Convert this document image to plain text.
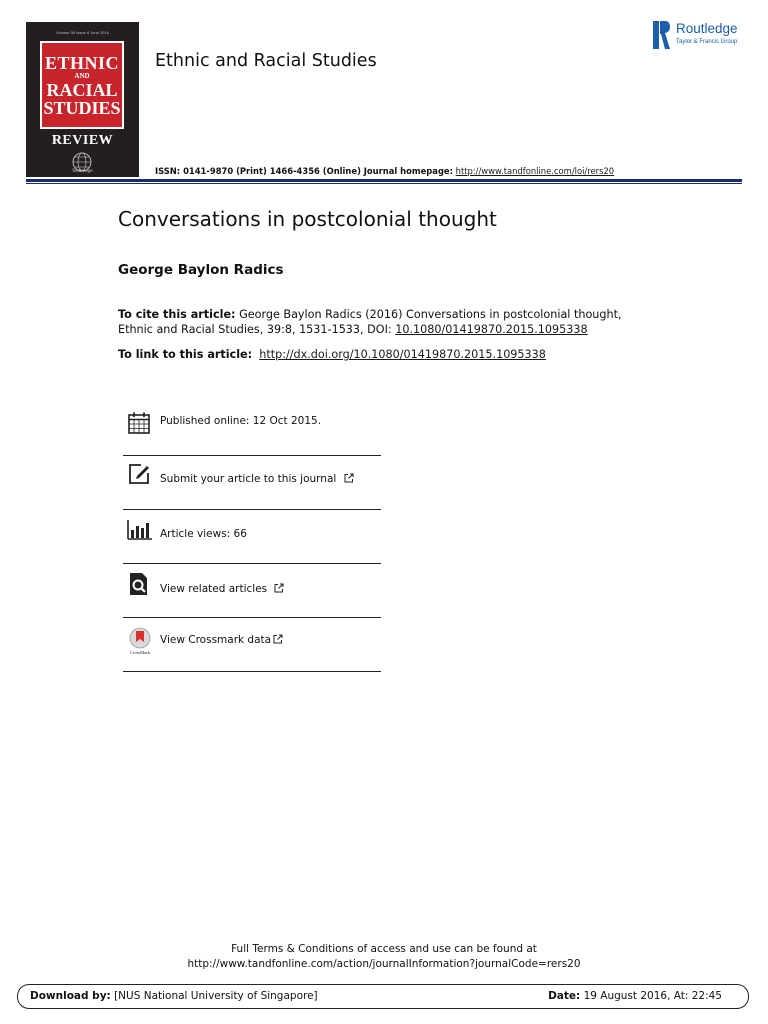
Volume 39 Issue 8 June 2016
ETHNIC
AND
RACIAL
STUDIES
REVIEW
Routledge
Ethnic and Racial Studies
Routledge
Taylor & Francis Group
ISSN: 0141-9870 (Print) 1466-4356 (Online) Journal homepage: http://www.tandfonline.com/loi/rers20
Conversations in postcolonial thought
George Baylon Radics
To cite this article: George Baylon Radics (2016) Conversations in postcolonial thought, Ethnic and Racial Studies, 39:8, 1531-1533, DOI: 10.1080/01419870.2015.1095338
To link to this article: http://dx.doi.org/10.1080/01419870.2015.1095338
Published online: 12 Oct 2015.
Submit your article to this journal
Article views: 66
View related articles
CrossMark
View Crossmark data
Full Terms & Conditions of access and use can be found at
http://www.tandfonline.com/action/journalInformation?journalCode=rers20
Download by: [NUS National University of Singapore]	Date: 19 August 2016, At: 22:45
